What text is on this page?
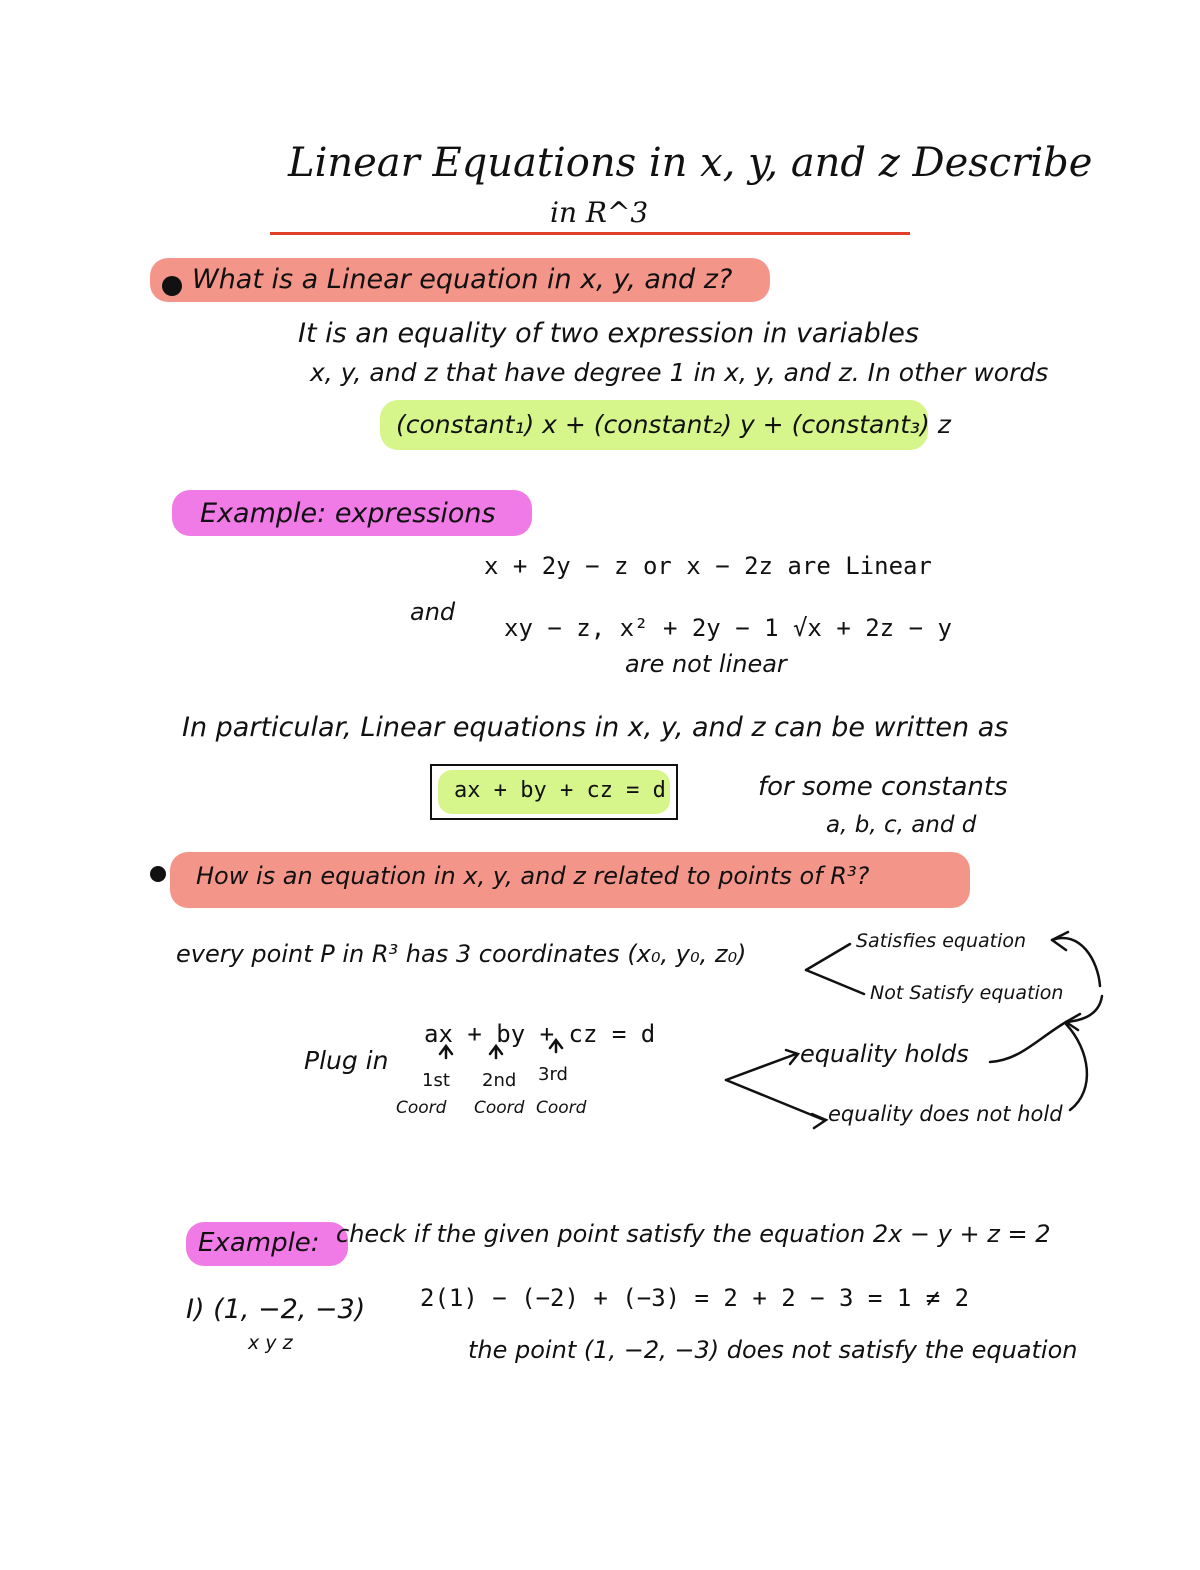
Linear Equations in x, y, and z Describe
in R^3
What is a Linear equation in x, y, and z?
It is an equality of two expression in variables
x, y, and z that have degree 1 in x, y, and z. In other words
(constant₁) x + (constant₂) y + (constant₃) z
Example: expressions
x + 2y − z or x − 2z are Linear
and
xy − z, x² + 2y − 1 √x + 2z − y
are not linear
In particular, Linear equations in x, y, and z can be written as
ax + by + cz = d	for some constants
a, b, c, and d
How is an equation in x, y, and z related to points of R³?
every point P in R³ has 3 coordinates (x₀, y₀, z₀)	Satisfies equation
Not Satisfy equation
Plug in
ax + by + cz = d
1st 2nd 3rd
Coord Coord Coord
equality holds
equality does not hold
Example: check if the given point satisfy the equation 2x − y + z = 2
I) (1, −2, −3)
x y z
2(1) − (−2) + (−3) = 2 + 2 − 3 = 1 ≠ 2
the point (1, −2, −3) does not satisfy the equation
